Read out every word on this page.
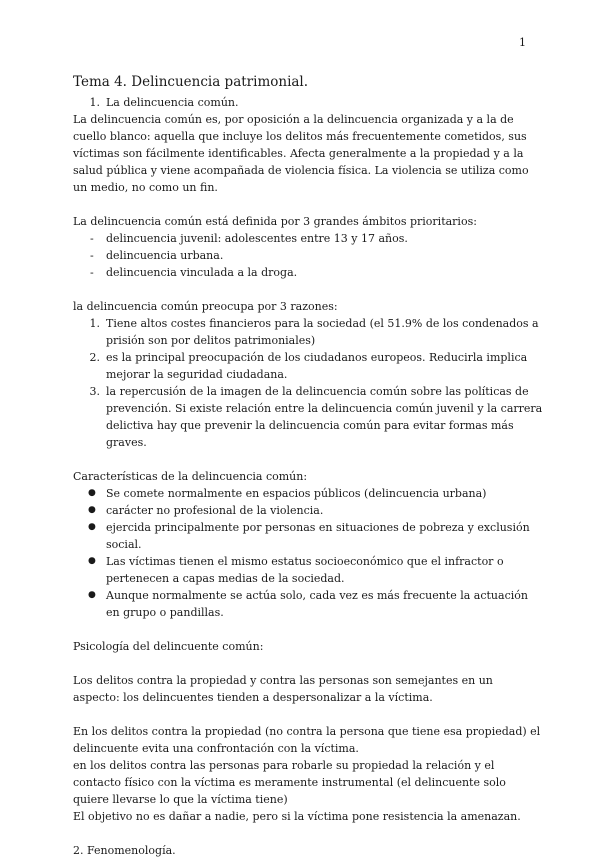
1
Tema 4. Delincuencia patrimonial.
1. La delincuencia común.

La delincuencia común es, por oposición a la delincuencia organizada y a la de cuello blanco: aquella que incluye los delitos más frecuentemente cometidos, sus víctimas son fácilmente identificables. Afecta generalmente a la propiedad y a la salud pública y viene acompañada de violencia física. La violencia se utiliza como un medio, no como un fin.

La delincuencia común está definida por 3 grandes ámbitos prioritarios:

-	delincuencia juvenil: adolescentes entre 13 y 17 años.
-	delincuencia urbana.
-	delincuencia vinculada a la droga.

la delincuencia común preocupa por 3 razones:

1. Tiene altos costes financieros para la sociedad (el 51.9% de los condenados a prisión son por delitos patrimoniales)
2. es la principal preocupación de los ciudadanos europeos. Reducirla implica mejorar la seguridad ciudadana.
3. la repercusión de la imagen de la delincuencia común sobre las políticas de prevención. Si existe relación entre la delincuencia común juvenil y la carrera delictiva hay que prevenir la delincuencia común para evitar formas más graves.

Características de la delincuencia común:

● Se comete normalmente en espacios públicos (delincuencia urbana)
● carácter no profesional de la violencia.
● ejercida principalmente por personas en situaciones de pobreza y exclusión social.
● Las víctimas tienen el mismo estatus socioeconómico que el infractor o pertenecen a capas medias de la sociedad.
● Aunque normalmente se actúa solo, cada vez es más frecuente la actuación en grupo o pandillas.

Psicología del delincuente común:

Los delitos contra la propiedad y contra las personas son semejantes en un aspecto: los delincuentes tienden a despersonalizar a la víctima.

En los delitos contra la propiedad (no contra la persona que tiene esa propiedad) el delincuente evita una confrontación con la víctima.

en los delitos contra las personas para robarle su propiedad la relación y el contacto físico con la víctima es meramente instrumental (el delincuente solo quiere llevarse lo que la víctima tiene)

El objetivo no es dañar a nadie, pero si la víctima pone resistencia la amenazan.

2. Fenomenología.
